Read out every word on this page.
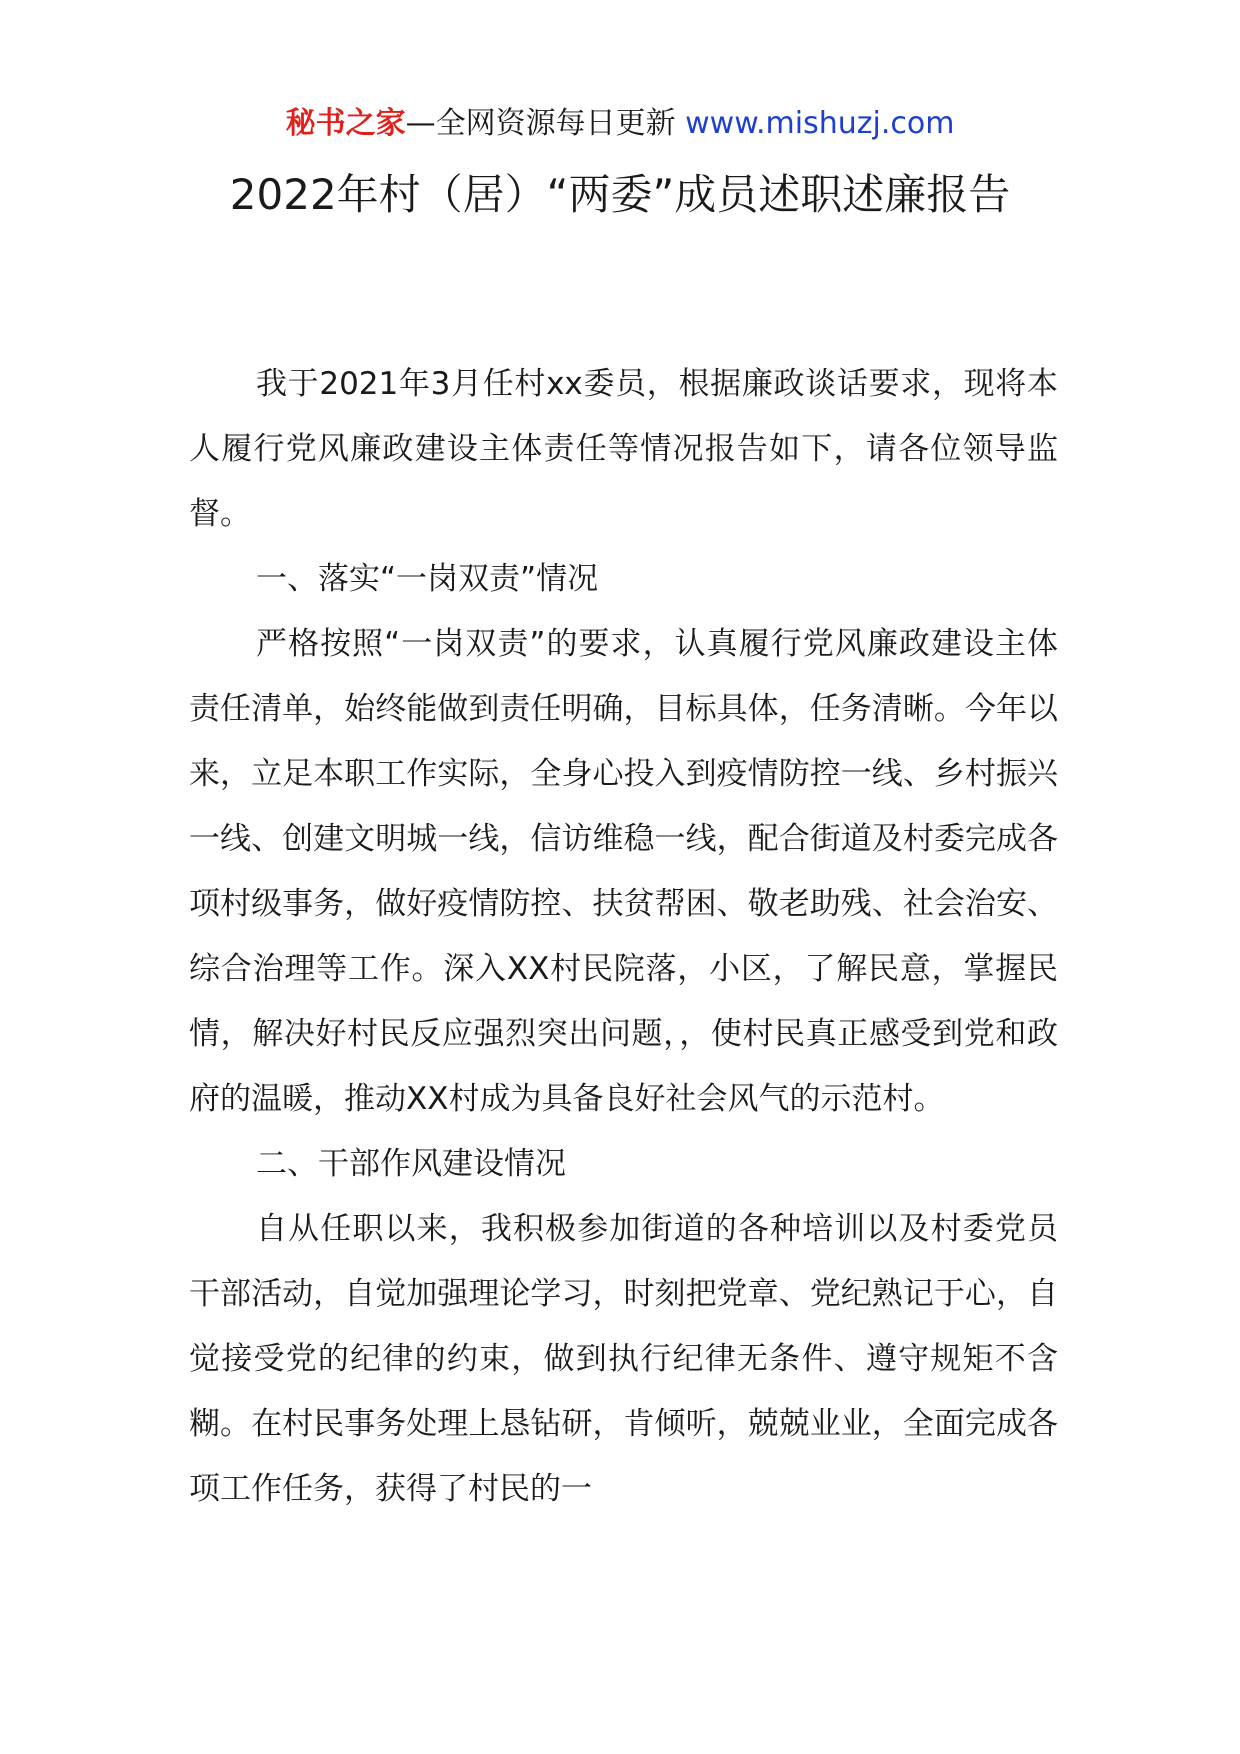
秘书之家—全网资源每日更新 www.mishuzj.com
2022年村（居）“两委”成员述职述廉报告

我于2021年3月任村xx委员，根据廉政谈话要求，现将本人履行党风廉政建设主体责任等情况报告如下，请各位领导监督。

一、落实“一岗双责”情况

严格按照“一岗双责”的要求，认真履行党风廉政建设主体责任清单，始终能做到责任明确，目标具体，任务清晰。今年以来，立足本职工作实际，全身心投入到疫情防控一线、乡村振兴一线、创建文明城一线，信访维稳一线，配合街道及村委完成各项村级事务，做好疫情防控、扶贫帮困、敬老助残、社会治安、综合治理等工作。深入XX村民院落，小区，了解民意，掌握民情，解决好村民反应强烈突出问题，，使村民真正感受到党和政府的温暖，推动XX村成为具备良好社会风气的示范村。

二、干部作风建设情况

自从任职以来，我积极参加街道的各种培训以及村委党员干部活动，自觉加强理论学习，时刻把党章、党纪熟记于心，自觉接受党的纪律的约束，做到执行纪律无条件、遵守规矩不含糊。在村民事务处理上恳钻研，肯倾听，兢兢业业，全面完成各项工作任务，获得了村民的一
